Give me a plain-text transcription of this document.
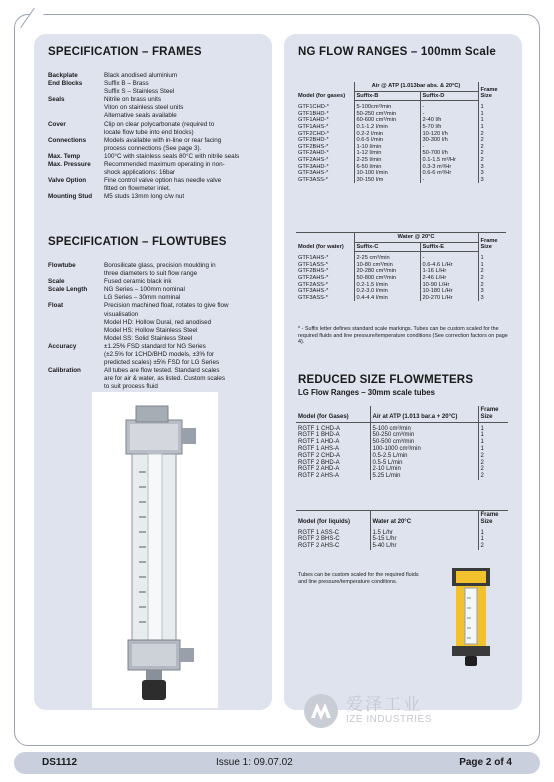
SPECIFICATION – FRAMES
Backplate	Black anodised aluminium
End Blocks	Suffix B – Brass
Suffix S – Stainless Steel
Seals	Nitrile on brass units
Viton on stainless steel units
Alternative seals available
Cover	Clip on clear polycarbonate (required to
locate flow tube into end blocks)
Connections	Models available with in-line or rear facing
process connections (See page 3).
Max. Temp	100°C with stainless seals 80°C with nitrile seals
Max. Pressure	Recommended maximum operating in non-
shock applications: 16bar
Valve Option	Fine control valve option has needle valve
fitted on flowmeter inlet.
Mounting Stud	M5 studs 13mm long c/w nut
SPECIFICATION – FLOWTUBES
Flowtube	Borosilicate glass, precision moulding in
three diameters to suit flow range
Scale	Fused ceramic black ink
Scale Length	NG Series – 100mm nominal
LG Series – 30mm nominal
Float	Precision machined float, rotates to give flow
visualisation
Model HD: Hollow Dural, red anodised
Model HS: Hollow Stainless Steel
Model SS: Solid Stainless Steel
Accuracy	±1.25% FSD standard for NG Series
(±2.5% for 1CHD/BHD models, ±3% for
predicted scales) ±5% FSD for LG Series
Calibration	All tubes are flow tested. Standard scales
are for air & water, as listed. Custom scales
to suit process fluid
NG FLOW RANGES – 100mm Scale
Model (for gases)	Air @ ATP (1.013bar abs. & 20°C)		Frame Size
	Suffix-B	Suffix-D	
GTF1CHD-*	5-100cm³/min	-	1
GTF1BHD-*	50-250 cm³/min	-	1
GTF1AHD-*	60-600 cm³/min	2-40 l/h	1
GTF1AHS-*	0.1-1.2 l/min	5-70 l/h	1
GTF2CHD-*	0.2-2 l/min	10-120 l/h	2
GTF2BHD-*	0.6-5 l/min	30-300 l/h	2
GTF2BHS-*	1-10 l/min	-	2
GTF2AHD-*	1-12 l/min	50-700 l/h	2
GTF2AHS-*	2-25 l/min	0.1-1.5 m³/Hr	2
GTF3AHD-*	6-50 l/min	0.3-3 m³/Hr	3
GTF3AHS-*	10-100 l/min	0.6-6 m³/Hr	3
GTF3ASS-*	30-150 l/m	-	3
Model (for water)	Water @ 20°C		Frame Size
	Suffix-C	Suffix-E	
GTF1AHS-*	2-25 cm³/min	-	1
GTF1ASS-*	10-80 cm³/min	0.6-4.6 L/Hr	1
GTF2BHS-*	20-280 cm³/min	1-16 L/Hr	2
GTF2AHS-*	50-800 cm³/min	2-46 L/Hr	2
GTF2ASS-*	0.2-1.5 l/min	10-90 L/Hr	2
GTF3AHS-*	0.2-3.0 l/min	10-180 L/Hr	3
GTF3ASS-*	0.4-4.4 l/min	20-270 L/Hr	3

* - Suffix letter defines standard scale markings. Tubes can be custom scaled for the required fluids and line pressure/temperature conditions (See correction factors on page 4).

REDUCED SIZE FLOWMETERS
LG Flow Ranges – 30mm scale tubes
Model (for Gases)	Air at ATP (1.013 bar.a + 20°C)	Frame Size
RGTF 1 CHD-A	5-100 cm³/min	1
RGTF 1 BHD-A	50-250 cm³/min	1
RGTF 1 AHD-A	50-500 cm³/min	1
RGTF 1 AHS-A	100-1000 cm³/min	1
RGTF 2 CHD-A	0.5-2.5 L/min	2
RGTF 2 BHD-A	0.5-5 L/min	2
RGTF 2 AHD-A	2-10 L/min	2
RGTF 2 AHS-A	5.25 L/min	2
Model (for liquids)	Water at 20°C	Frame Size
RGTF 1 ASS-C	1.5 L/hr	1
RGTF 2 BHS-C	5-15 L/hr	1
RGTF 2 AHS-C	5-40 L/hr	2

Tubes can be custom scaled for the required fluids and line pressure/temperature conditions.

爱泽工业
IZE INDUSTRIES
DS1112	Issue 1: 09.07.02	Page 2 of 4
